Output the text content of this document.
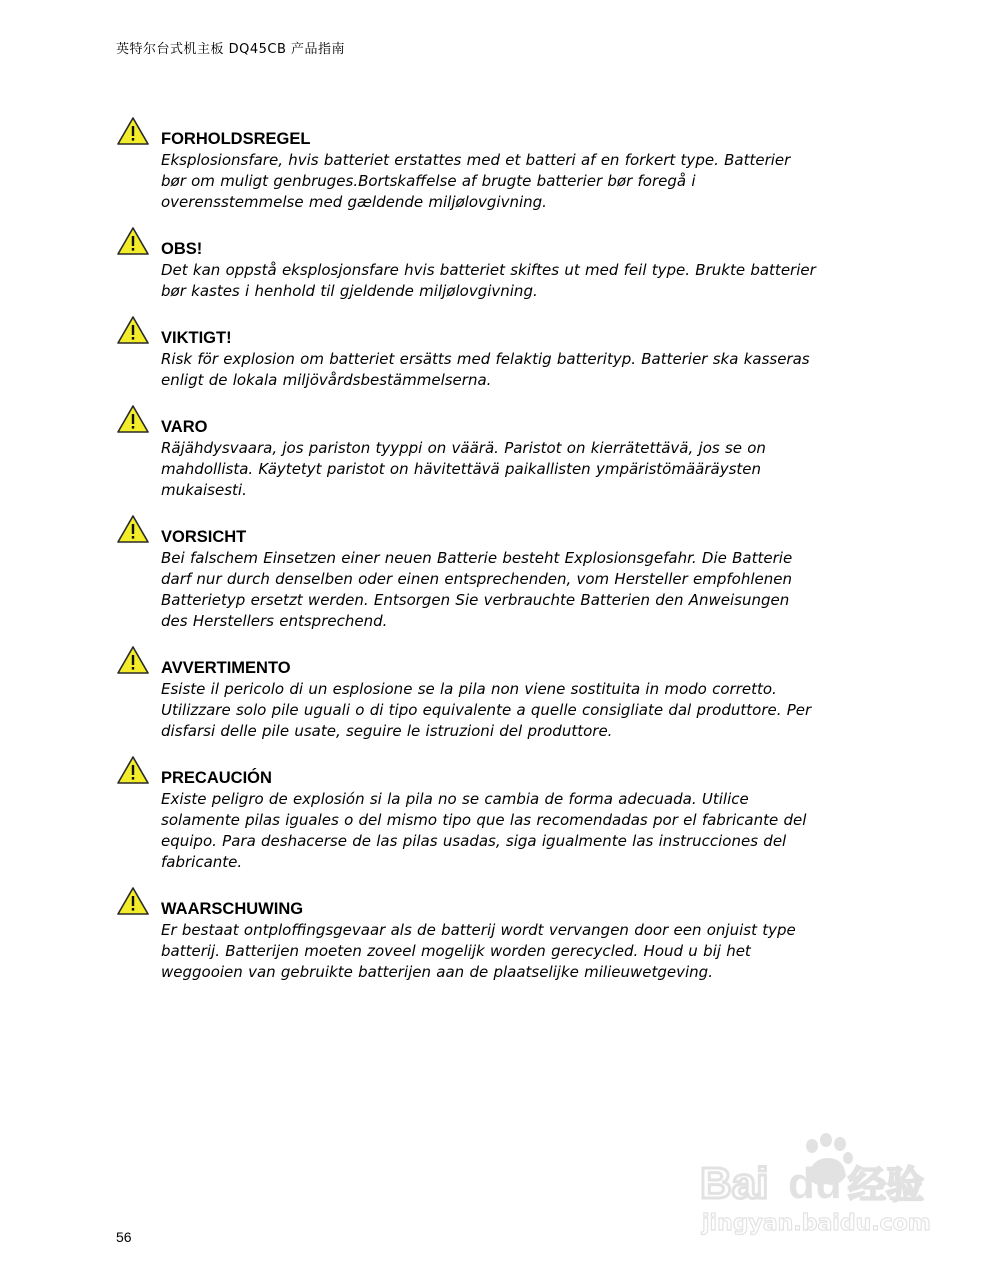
英特尔台式机主板 DQ45CB 产品指南
FORHOLDSREGEL

Eksplosionsfare, hvis batteriet erstattes med et batteri af en forkert type. Batterier
bør om muligt genbruges.Bortskaffelse af brugte batterier bør foregå i
overensstemmelse med gældende miljølovgivning.

OBS!

Det kan oppstå eksplosjonsfare hvis batteriet skiftes ut med feil type. Brukte batterier
bør kastes i henhold til gjeldende miljølovgivning.

VIKTIGT!

Risk för explosion om batteriet ersätts med felaktig batterityp. Batterier ska kasseras
enligt de lokala miljövårdsbestämmelserna.

VARO

Räjähdysvaara, jos pariston tyyppi on väärä. Paristot on kierrätettävä, jos se on
mahdollista. Käytetyt paristot on hävitettävä paikallisten ympäristömääräysten
mukaisesti.

VORSICHT

Bei falschem Einsetzen einer neuen Batterie besteht Explosionsgefahr. Die Batterie
darf nur durch denselben oder einen entsprechenden, vom Hersteller empfohlenen
Batterietyp ersetzt werden. Entsorgen Sie verbrauchte Batterien den Anweisungen
des Herstellers entsprechend.

AVVERTIMENTO

Esiste il pericolo di un esplosione se la pila non viene sostituita in modo corretto.
Utilizzare solo pile uguali o di tipo equivalente a quelle consigliate dal produttore. Per
disfarsi delle pile usate, seguire le istruzioni del produttore.

PRECAUCIÓN

Existe peligro de explosión si la pila no se cambia de forma adecuada. Utilice
solamente pilas iguales o del mismo tipo que las recomendadas por el fabricante del
equipo. Para deshacerse de las pilas usadas, siga igualmente las instrucciones del
fabricante.

WAARSCHUWING

Er bestaat ontploffingsgevaar als de batterij wordt vervangen door een onjuist type
batterij. Batterijen moeten zoveel mogelijk worden gerecycled. Houd u bij het
weggooien van gebruikte batterijen aan de plaatselijke milieuwetgeving.

Bai du 经验
jingyan.baidu.com
56
